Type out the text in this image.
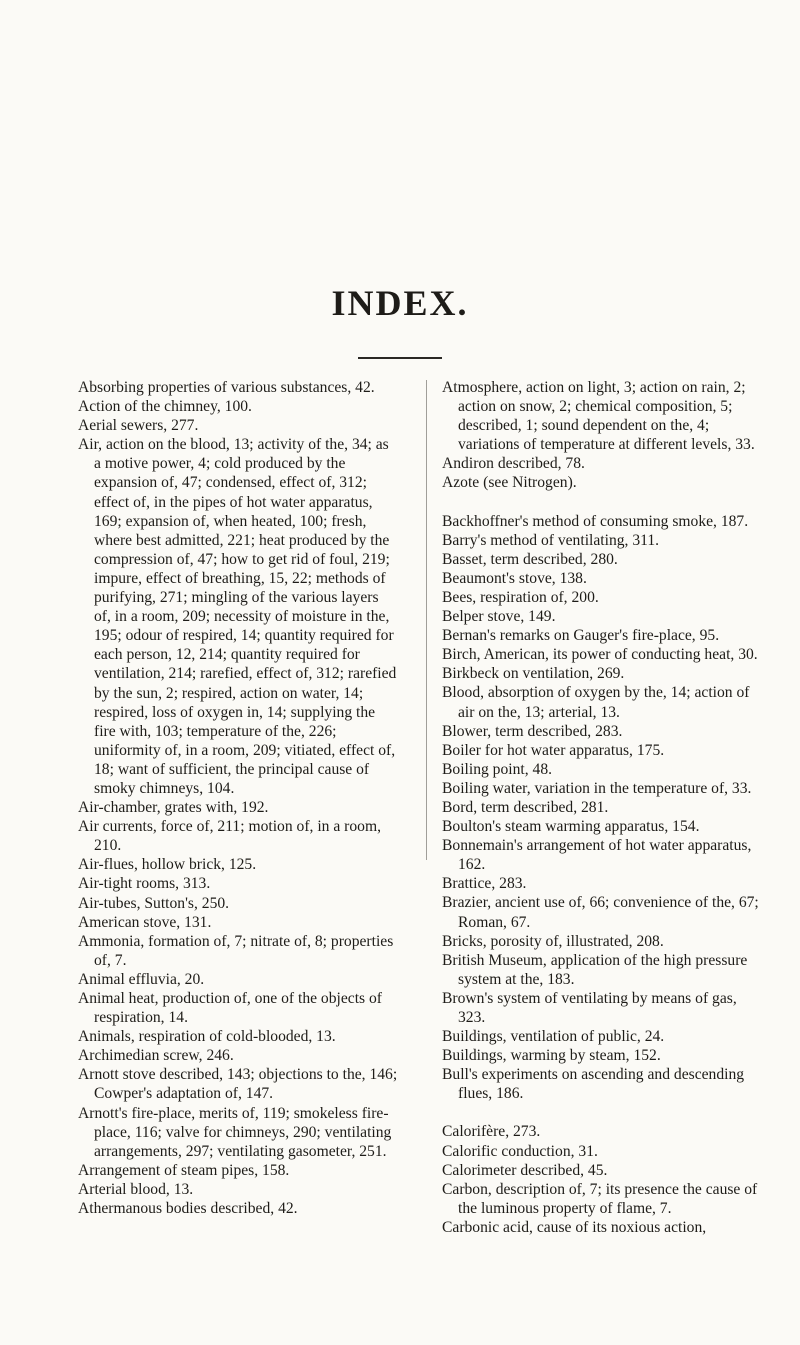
INDEX.

Absorbing properties of various substances, 42.

Action of the chimney, 100.

Aerial sewers, 277.

Air, action on the blood, 13; activity of the, 34; as a motive power, 4; cold produced by the expansion of, 47; condensed, effect of, 312; effect of, in the pipes of hot water apparatus, 169; expansion of, when heated, 100; fresh, where best admitted, 221; heat produced by the compression of, 47; how to get rid of foul, 219; impure, effect of breathing, 15, 22; methods of purifying, 271; mingling of the various layers of, in a room, 209; necessity of moisture in the, 195; odour of respired, 14; quantity required for each person, 12, 214; quantity required for ventilation, 214; rarefied, effect of, 312; rarefied by the sun, 2; respired, action on water, 14; respired, loss of oxygen in, 14; supplying the fire with, 103; temperature of the, 226; uniformity of, in a room, 209; vitiated, effect of, 18; want of sufficient, the principal cause of smoky chimneys, 104.

Air-chamber, grates with, 192.

Air currents, force of, 211; motion of, in a room, 210.

Air-flues, hollow brick, 125.

Air-tight rooms, 313.

Air-tubes, Sutton's, 250.

American stove, 131.

Ammonia, formation of, 7; nitrate of, 8; properties of, 7.

Animal effluvia, 20.

Animal heat, production of, one of the objects of respiration, 14.

Animals, respiration of cold-blooded, 13.

Archimedian screw, 246.

Arnott stove described, 143; objections to the, 146; Cowper's adaptation of, 147.

Arnott's fire-place, merits of, 119; smokeless fire-place, 116; valve for chimneys, 290; ventilating arrangements, 297; ventilating gasometer, 251.

Arrangement of steam pipes, 158.

Arterial blood, 13.

Athermanous bodies described, 42.

Atmosphere, action on light, 3; action on rain, 2; action on snow, 2; chemical composition, 5; described, 1; sound dependent on the, 4; variations of temperature at different levels, 33.

Andiron described, 78.

Azote (see Nitrogen).

Backhoffner's method of consuming smoke, 187.

Barry's method of ventilating, 311.

Basset, term described, 280.

Beaumont's stove, 138.

Bees, respiration of, 200.

Belper stove, 149.

Bernan's remarks on Gauger's fire-place, 95.

Birch, American, its power of conducting heat, 30.

Birkbeck on ventilation, 269.

Blood, absorption of oxygen by the, 14; action of air on the, 13; arterial, 13.

Blower, term described, 283.

Boiler for hot water apparatus, 175.

Boiling point, 48.

Boiling water, variation in the temperature of, 33.

Bord, term described, 281.

Boulton's steam warming apparatus, 154.

Bonnemain's arrangement of hot water apparatus, 162.

Brattice, 283.

Brazier, ancient use of, 66; convenience of the, 67; Roman, 67.

Bricks, porosity of, illustrated, 208.

British Museum, application of the high pressure system at the, 183.

Brown's system of ventilating by means of gas, 323.

Buildings, ventilation of public, 24.

Buildings, warming by steam, 152.

Bull's experiments on ascending and descending flues, 186.

Calorifère, 273.

Calorific conduction, 31.

Calorimeter described, 45.

Carbon, description of, 7; its presence the cause of the luminous property of flame, 7.

Carbonic acid, cause of its noxious action,
